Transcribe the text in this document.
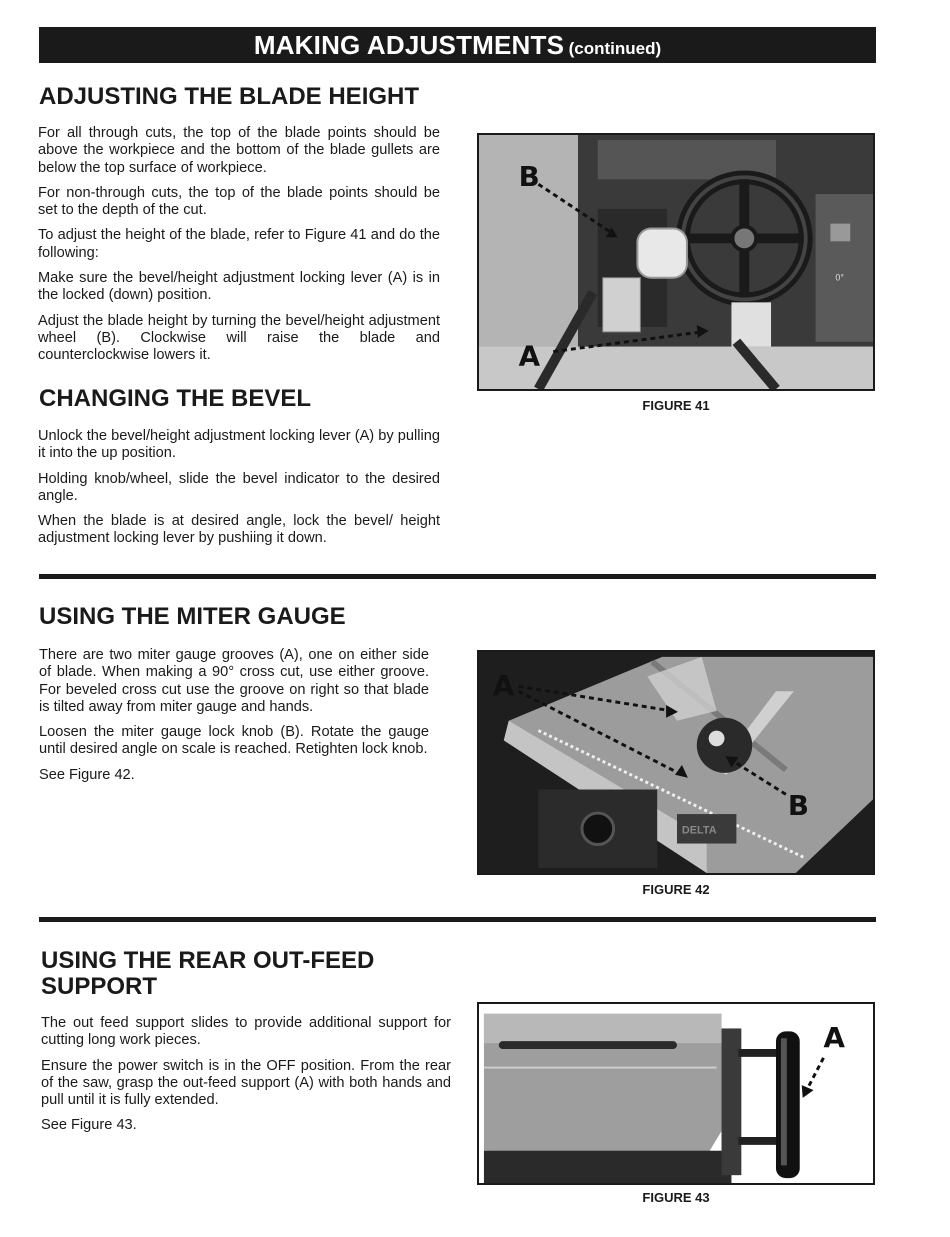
MAKING ADJUSTMENTS (continued)
ADJUSTING THE BLADE HEIGHT

For all through cuts, the top of the blade points should be above the workpiece and the bottom of the blade gullets are below the top surface of workpiece.

For non-through cuts, the top of the blade points should be set to the depth of the cut.

To adjust the height of the blade, refer to Figure 41 and do the following:

Make sure the bevel/height adjustment locking lever (A) is in the locked (down) position.

Adjust the blade height by turning the bevel/height adjustment wheel (B). Clockwise will raise the blade and counterclockwise lowers it.

0°
B
A
FIGURE 41
CHANGING THE BEVEL

Unlock the bevel/height adjustment locking lever (A) by pulling it into the up position.

Holding knob/wheel, slide the bevel indicator to the desired angle.

When the blade is at desired angle, lock the bevel/ height adjustment locking lever by pushiing it down.

USING THE MITER GAUGE

There are two miter gauge grooves (A), one on either side of blade. When making a 90° cross cut, use either groove. For beveled cross cut use the groove on right so that blade is tilted away from miter gauge and hands.

Loosen the miter gauge lock knob (B). Rotate the gauge until desired angle on scale is reached. Retighten lock knob.

See Figure 42.

DELTA
A
B
FIGURE 42
USING THE REAR OUT-FEED
SUPPORT

The out feed support slides to provide additional support for cutting long work pieces.

Ensure the power switch is in the OFF position. From the rear of the saw, grasp the out-feed support (A) with both hands and pull until it is fully extended.

See Figure 43.

A
FIGURE 43
